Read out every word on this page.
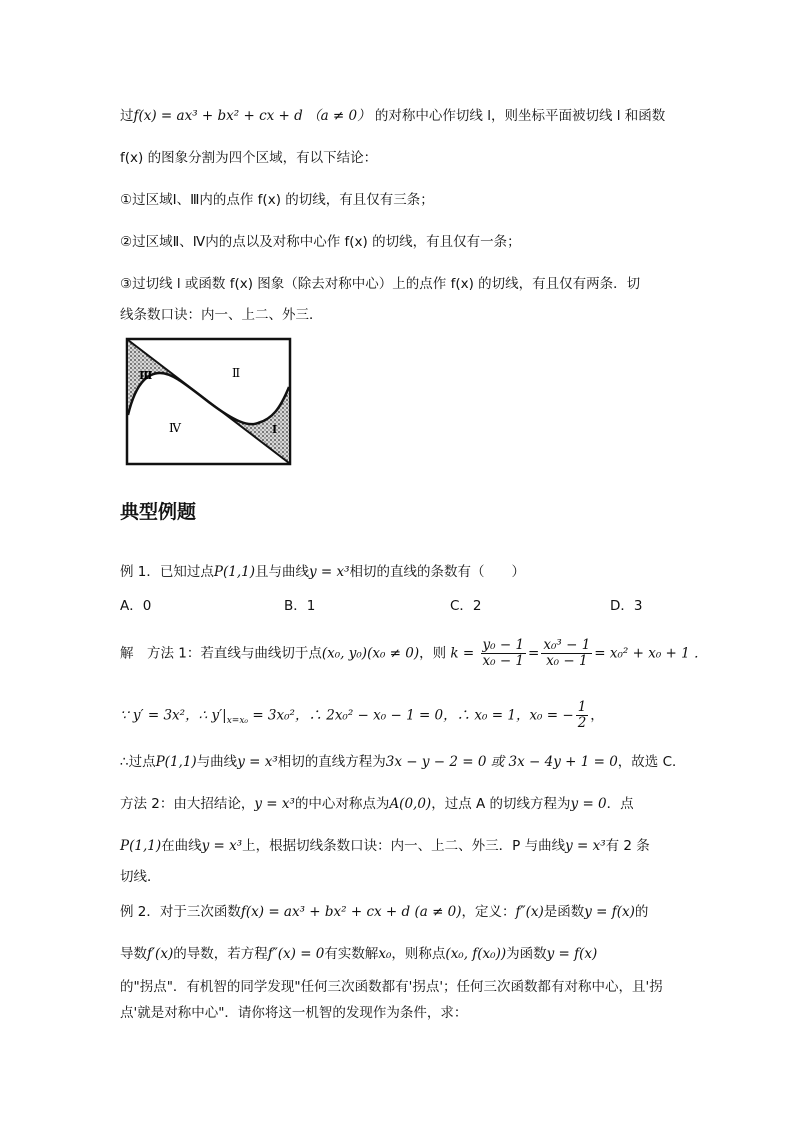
过f(x) = ax³ + bx² + cx + d （a ≠ 0） 的对称中心作切线 l，则坐标平面被切线 l 和函数
f(x) 的图象分割为四个区域，有以下结论：
①过区域Ⅰ、Ⅲ内的点作 f(x) 的切线，有且仅有三条；
②过区域Ⅱ、Ⅳ内的点以及对称中心作 f(x) 的切线，有且仅有一条；
③过切线 l 或函数 f(x) 图象（除去对称中心）上的点作 f(x) 的切线，有且仅有两条．切
线条数口诀：内一、上二、外三．
Ⅲ	Ⅱ
Ⅳ	Ⅰ
典型例题
例 1．已知过点P(1,1)且与曲线y = x³相切的直线的条数有（　　）
A．0	B．1	C．2	D．3
解　方法 1：若直线与曲线切于点(x₀, y₀)(x₀ ≠ 0)，则 $k = \frac{\text{y₀ − 1}}{\text{x₀ − 1}} = \frac{\text{x₀³ − 1}}{\text{x₀ − 1}} = x_0^2 + x_0 + 1$ ．
∵ y′ = 3x²，∴ $y'|_{x=x_0} = 3x_0^2$，∴ 2x₀² − x₀ − 1 = 0，∴ x₀ = 1，x₀ = − $\frac{1}{2}$ ，
∴过点P(1,1)与曲线y = x³相切的直线方程为3x − y − 2 = 0 或 3x − 4y + 1 = 0，故选 C．
方法 2：由大招结论，y = x³的中心对称点为A(0,0)，过点 A 的切线方程为y = 0．点
P(1,1)在曲线y = x³上，根据切线条数口诀：内一、上二、外三．P 与曲线y = x³有 2 条
切线．
例 2．对于三次函数f(x) = ax³ + bx² + cx + d (a ≠ 0)，定义：f″(x)是函数y = f(x)的
导数f′(x)的导数，若方程f″(x) = 0有实数解x₀，则称点(x₀, f(x₀))为函数y = f(x)
的"拐点"．有机智的同学发现"任何三次函数都有'拐点'；任何三次函数都有对称中心，且'拐
点'就是对称中心"．请你将这一机智的发现作为条件，求：
